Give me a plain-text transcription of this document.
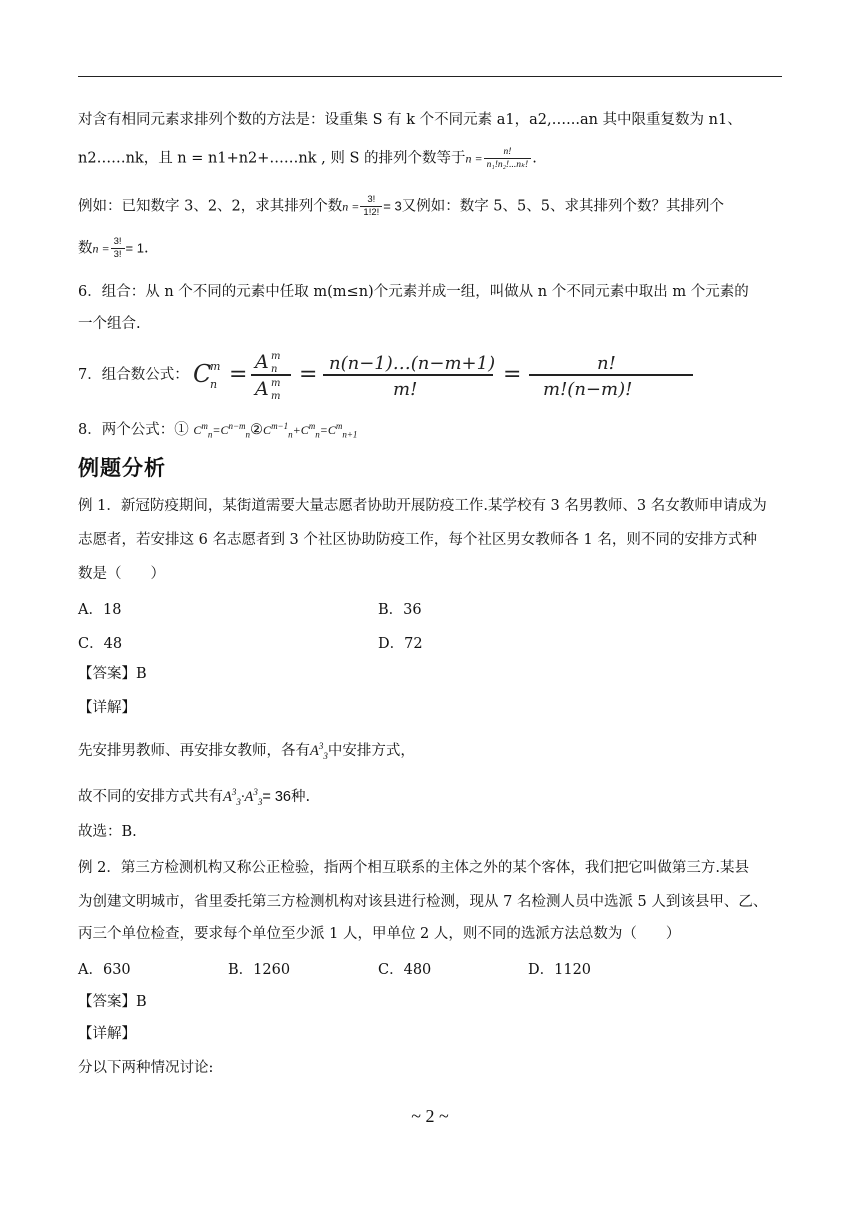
对含有相同元素求排列个数的方法是：设重集 S 有 k 个不同元素 a1，a2,…...an 其中限重复数为 n1、
n2……nk，且 n = n1+n2+……nk , 则 S 的排列个数等于$n = \frac{n!}{\text{n₁!n₂!...nₖ!}}$ .
例如：已知数字 3、2、2，求其排列个数$n = \frac{3!}{1!2!} = 3$又例如：数字 5、5、5、求其排列个数？其排列个
数$n = \frac{3!}{3!} = 1$.
6．组合：从 n 个不同的元素中任取 m(m≤n)个元素并成一组，叫做从 n 个不同元素中取出 m 个元素的
一个组合.
7．组合数公式： C
m
n = A m
n
A m
m
= n(n−1)…(n−m+1)
m!
=	n!
m!(n−m)!
8．两个公式：① $C^m_n=C^{n-m}_n②C^{m-1}_n+C^m_n=C^m_{n+1}$
例题分析
例 1．新冠防疫期间，某街道需要大量志愿者协助开展防疫工作.某学校有 3 名男教师、3 名女教师申请成为
志愿者，若安排这 6 名志愿者到 3 个社区协助防疫工作，每个社区男女教师各 1 名，则不同的安排方式种
数是（　　）
A．18	B．36
C．48	D．72
【答案】B
【详解】
先安排男教师、再安排女教师，各有$A^3_3$中安排方式，
故不同的安排方式共有$A^3_3\cdot A^3_3= 36$种.
故选：B.
例 2．第三方检测机构又称公正检验，指两个相互联系的主体之外的某个客体，我们把它叫做第三方.某县
为创建文明城市，省里委托第三方检测机构对该县进行检测，现从 7 名检测人员中选派 5 人到该县甲、乙、
丙三个单位检查，要求每个单位至少派 1 人，甲单位 2 人，则不同的选派方法总数为（　　）
A．630	B．1260	C．480	D．1120
【答案】B
【详解】
分以下两种情况讨论:
~ 2 ~
